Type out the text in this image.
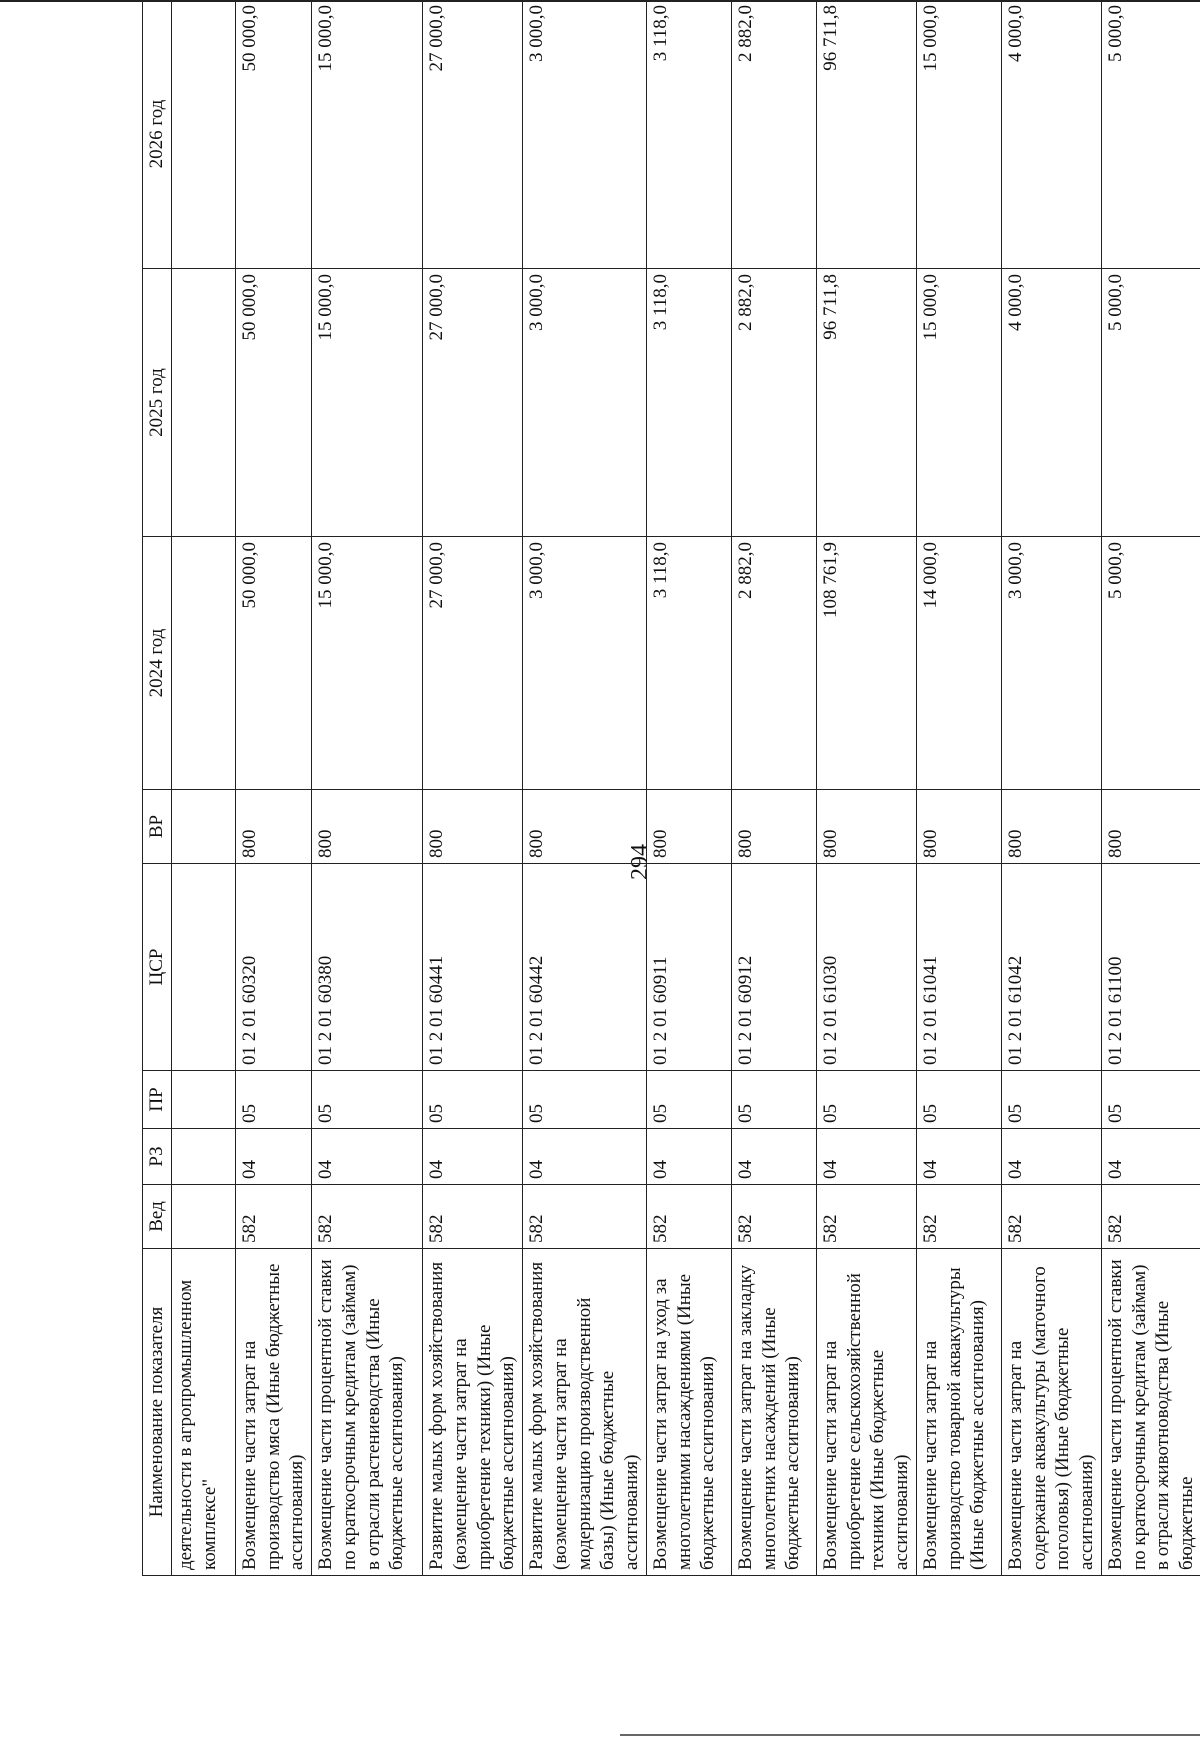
294
Наименование показателя	Вед	РЗ	ПР	ЦСР	ВР	2024 год	2025 год	2026 год
деятельности в агропромышленном комплексе"								
Возмещение части затрат на производство мяса (Иные бюджетные ассигнования)	582	04	05	01 2 01 60320	800	50 000,0	50 000,0	50 000,0
Возмещение части процентной ставки по краткосрочным кредитам (займам) в отрасли растениеводства (Иные бюджетные ассигнования)	582	04	05	01 2 01 60380	800	15 000,0	15 000,0	15 000,0
Развитие малых форм хозяйствования (возмещение части затрат на приобретение техники) (Иные бюджетные ассигнования)	582	04	05	01 2 01 60441	800	27 000,0	27 000,0	27 000,0
Развитие малых форм хозяйствования (возмещение части затрат на модернизацию производственной базы) (Иные бюджетные ассигнования)	582	04	05	01 2 01 60442	800	3 000,0	3 000,0	3 000,0
Возмещение части затрат на уход за многолетними насаждениями (Иные бюджетные ассигнования)	582	04	05	01 2 01 60911	800	3 118,0	3 118,0	3 118,0
Возмещение части затрат на закладку многолетних насаждений (Иные бюджетные ассигнования)	582	04	05	01 2 01 60912	800	2 882,0	2 882,0	2 882,0
Возмещение части затрат на приобретение сельскохозяйственной техники (Иные бюджетные ассигнования)	582	04	05	01 2 01 61030	800	108 761,9	96 711,8	96 711,8
Возмещение части затрат на производство товарной аквакультуры (Иные бюджетные ассигнования)	582	04	05	01 2 01 61041	800	14 000,0	15 000,0	15 000,0
Возмещение части затрат на содержание аквакультуры (маточного поголовья) (Иные бюджетные ассигнования)	582	04	05	01 2 01 61042	800	3 000,0	4 000,0	4 000,0
Возмещение части процентной ставки по краткосрочным кредитам (займам) в отрасли животноводства (Иные бюджетные	582	04	05	01 2 01 61100	800	5 000,0	5 000,0	5 000,0
